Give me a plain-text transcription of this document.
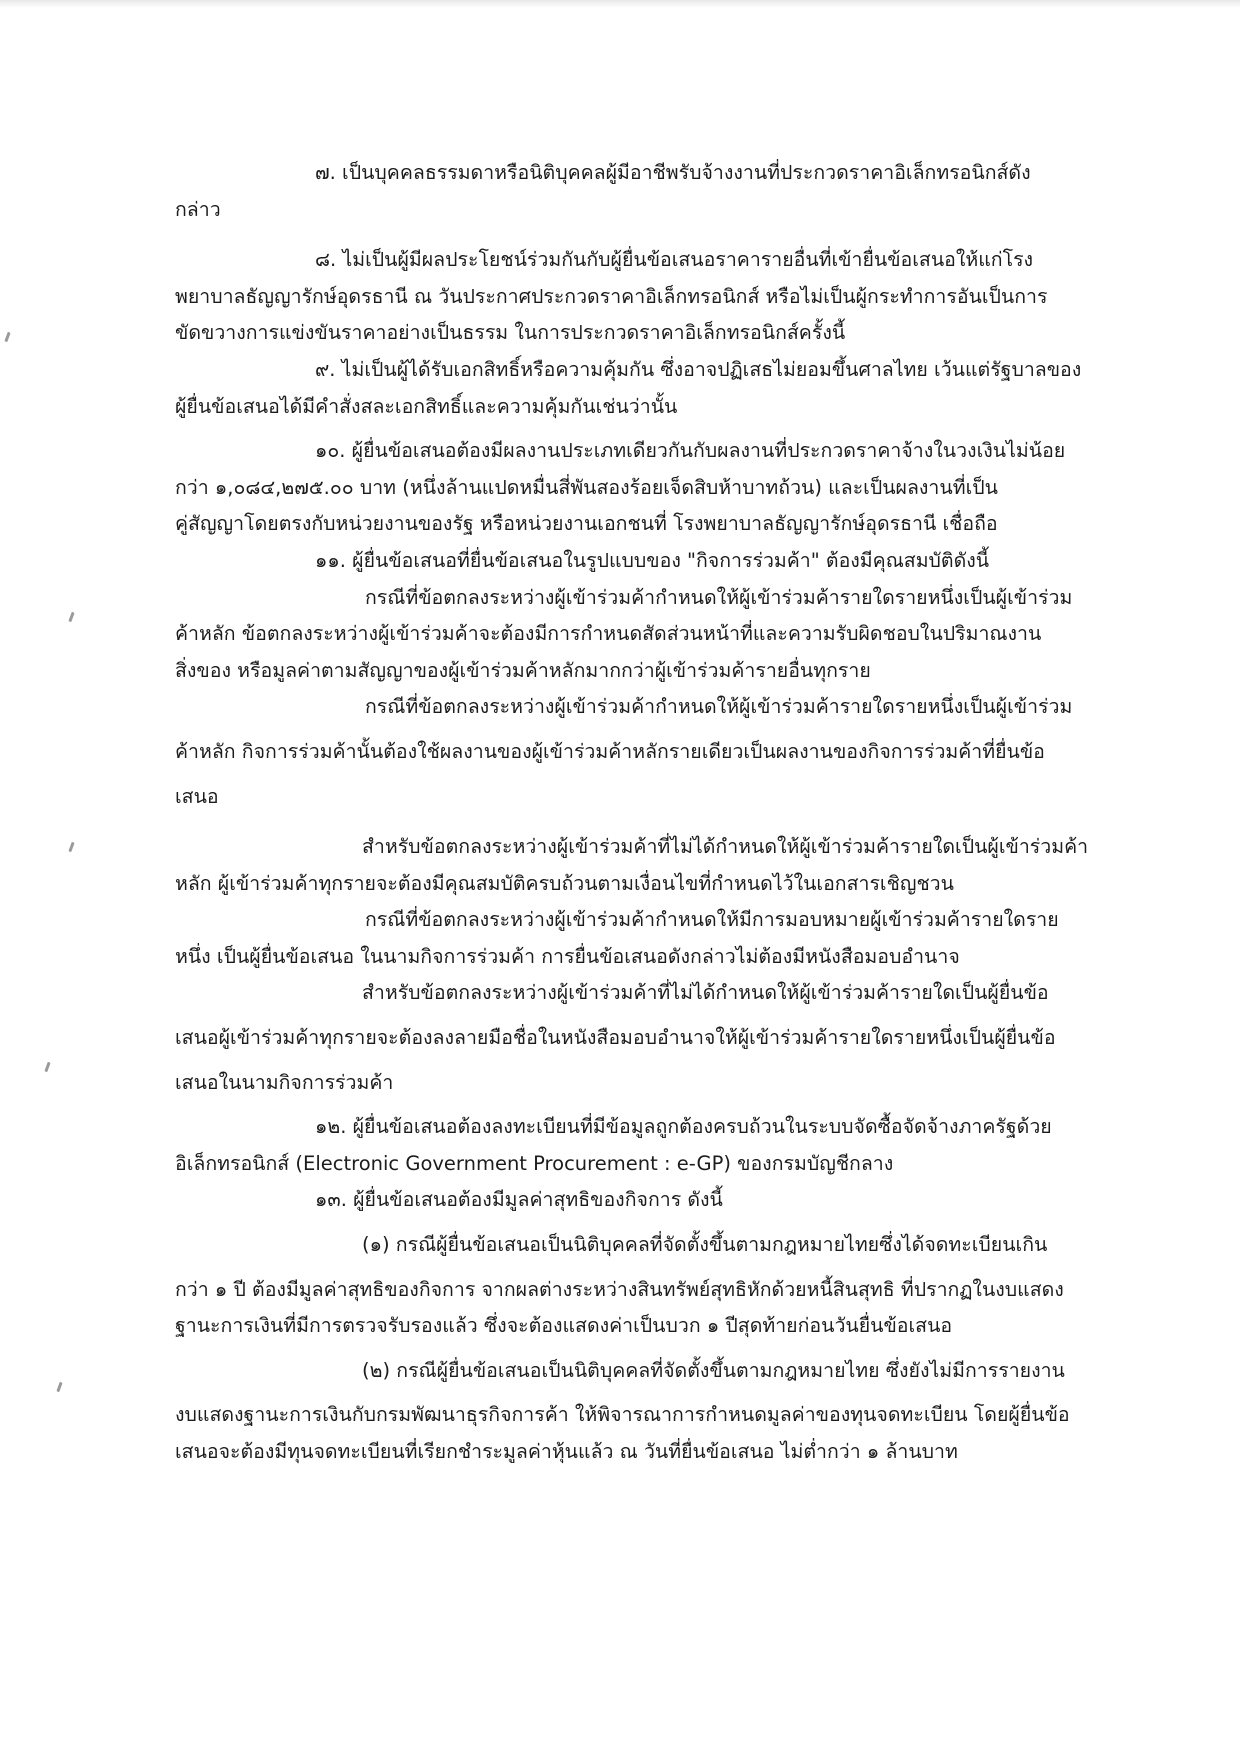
๗. เป็นบุคคลธรรมดาหรือนิติบุคคลผู้มีอาชีพรับจ้างงานที่ประกวดราคาอิเล็กทรอนิกส์ดัง
กล่าว
๘. ไม่เป็นผู้มีผลประโยชน์ร่วมกันกับผู้ยื่นข้อเสนอราคารายอื่นที่เข้ายื่นข้อเสนอให้แก่โรง
พยาบาลธัญญารักษ์อุดรธานี ณ วันประกาศประกวดราคาอิเล็กทรอนิกส์ หรือไม่เป็นผู้กระทำการอันเป็นการ
ขัดขวางการแข่งขันราคาอย่างเป็นธรรม ในการประกวดราคาอิเล็กทรอนิกส์ครั้งนี้
๙. ไม่เป็นผู้ได้รับเอกสิทธิ์หรือความคุ้มกัน ซึ่งอาจปฏิเสธไม่ยอมขึ้นศาลไทย เว้นแต่รัฐบาลของ
ผู้ยื่นข้อเสนอได้มีคำสั่งสละเอกสิทธิ์และความคุ้มกันเช่นว่านั้น
๑๐. ผู้ยื่นข้อเสนอต้องมีผลงานประเภทเดียวกันกับผลงานที่ประกวดราคาจ้างในวงเงินไม่น้อย
กว่า ๑,๐๘๔,๒๗๕.๐๐ บาท (หนึ่งล้านแปดหมื่นสี่พันสองร้อยเจ็ดสิบห้าบาทถ้วน) และเป็นผลงานที่เป็น
คู่สัญญาโดยตรงกับหน่วยงานของรัฐ หรือหน่วยงานเอกชนที่ โรงพยาบาลธัญญารักษ์อุดรธานี เชื่อถือ
๑๑. ผู้ยื่นข้อเสนอที่ยื่นข้อเสนอในรูปแบบของ "กิจการร่วมค้า" ต้องมีคุณสมบัติดังนี้
กรณีที่ข้อตกลงระหว่างผู้เข้าร่วมค้ากำหนดให้ผู้เข้าร่วมค้ารายใดรายหนึ่งเป็นผู้เข้าร่วม
ค้าหลัก ข้อตกลงระหว่างผู้เข้าร่วมค้าจะต้องมีการกำหนดสัดส่วนหน้าที่และความรับผิดชอบในปริมาณงาน
สิ่งของ หรือมูลค่าตามสัญญาของผู้เข้าร่วมค้าหลักมากกว่าผู้เข้าร่วมค้ารายอื่นทุกราย
กรณีที่ข้อตกลงระหว่างผู้เข้าร่วมค้ากำหนดให้ผู้เข้าร่วมค้ารายใดรายหนึ่งเป็นผู้เข้าร่วม
ค้าหลัก กิจการร่วมค้านั้นต้องใช้ผลงานของผู้เข้าร่วมค้าหลักรายเดียวเป็นผลงานของกิจการร่วมค้าที่ยื่นข้อ
เสนอ
สำหรับข้อตกลงระหว่างผู้เข้าร่วมค้าที่ไม่ได้กำหนดให้ผู้เข้าร่วมค้ารายใดเป็นผู้เข้าร่วมค้า
หลัก ผู้เข้าร่วมค้าทุกรายจะต้องมีคุณสมบัติครบถ้วนตามเงื่อนไขที่กำหนดไว้ในเอกสารเชิญชวน
กรณีที่ข้อตกลงระหว่างผู้เข้าร่วมค้ากำหนดให้มีการมอบหมายผู้เข้าร่วมค้ารายใดราย
หนึ่ง เป็นผู้ยื่นข้อเสนอ ในนามกิจการร่วมค้า การยื่นข้อเสนอดังกล่าวไม่ต้องมีหนังสือมอบอำนาจ
สำหรับข้อตกลงระหว่างผู้เข้าร่วมค้าที่ไม่ได้กำหนดให้ผู้เข้าร่วมค้ารายใดเป็นผู้ยื่นข้อ
เสนอผู้เข้าร่วมค้าทุกรายจะต้องลงลายมือชื่อในหนังสือมอบอำนาจให้ผู้เข้าร่วมค้ารายใดรายหนึ่งเป็นผู้ยื่นข้อ
เสนอในนามกิจการร่วมค้า
๑๒. ผู้ยื่นข้อเสนอต้องลงทะเบียนที่มีข้อมูลถูกต้องครบถ้วนในระบบจัดซื้อจัดจ้างภาครัฐด้วย
อิเล็กทรอนิกส์ (Electronic Government Procurement : e-GP) ของกรมบัญชีกลาง
๑๓. ผู้ยื่นข้อเสนอต้องมีมูลค่าสุทธิของกิจการ ดังนี้
(๑) กรณีผู้ยื่นข้อเสนอเป็นนิติบุคคลที่จัดตั้งขึ้นตามกฎหมายไทยซึ่งได้จดทะเบียนเกิน
กว่า ๑ ปี ต้องมีมูลค่าสุทธิของกิจการ จากผลต่างระหว่างสินทรัพย์สุทธิหักด้วยหนี้สินสุทธิ ที่ปรากฏในงบแสดง
ฐานะการเงินที่มีการตรวจรับรองแล้ว ซึ่งจะต้องแสดงค่าเป็นบวก ๑ ปีสุดท้ายก่อนวันยื่นข้อเสนอ
(๒) กรณีผู้ยื่นข้อเสนอเป็นนิติบุคคลที่จัดตั้งขึ้นตามกฎหมายไทย ซึ่งยังไม่มีการรายงาน
งบแสดงฐานะการเงินกับกรมพัฒนาธุรกิจการค้า ให้พิจารณาการกำหนดมูลค่าของทุนจดทะเบียน โดยผู้ยื่นข้อ
เสนอจะต้องมีทุนจดทะเบียนที่เรียกชำระมูลค่าหุ้นแล้ว ณ วันที่ยื่นข้อเสนอ ไม่ต่ำกว่า ๑ ล้านบาท
